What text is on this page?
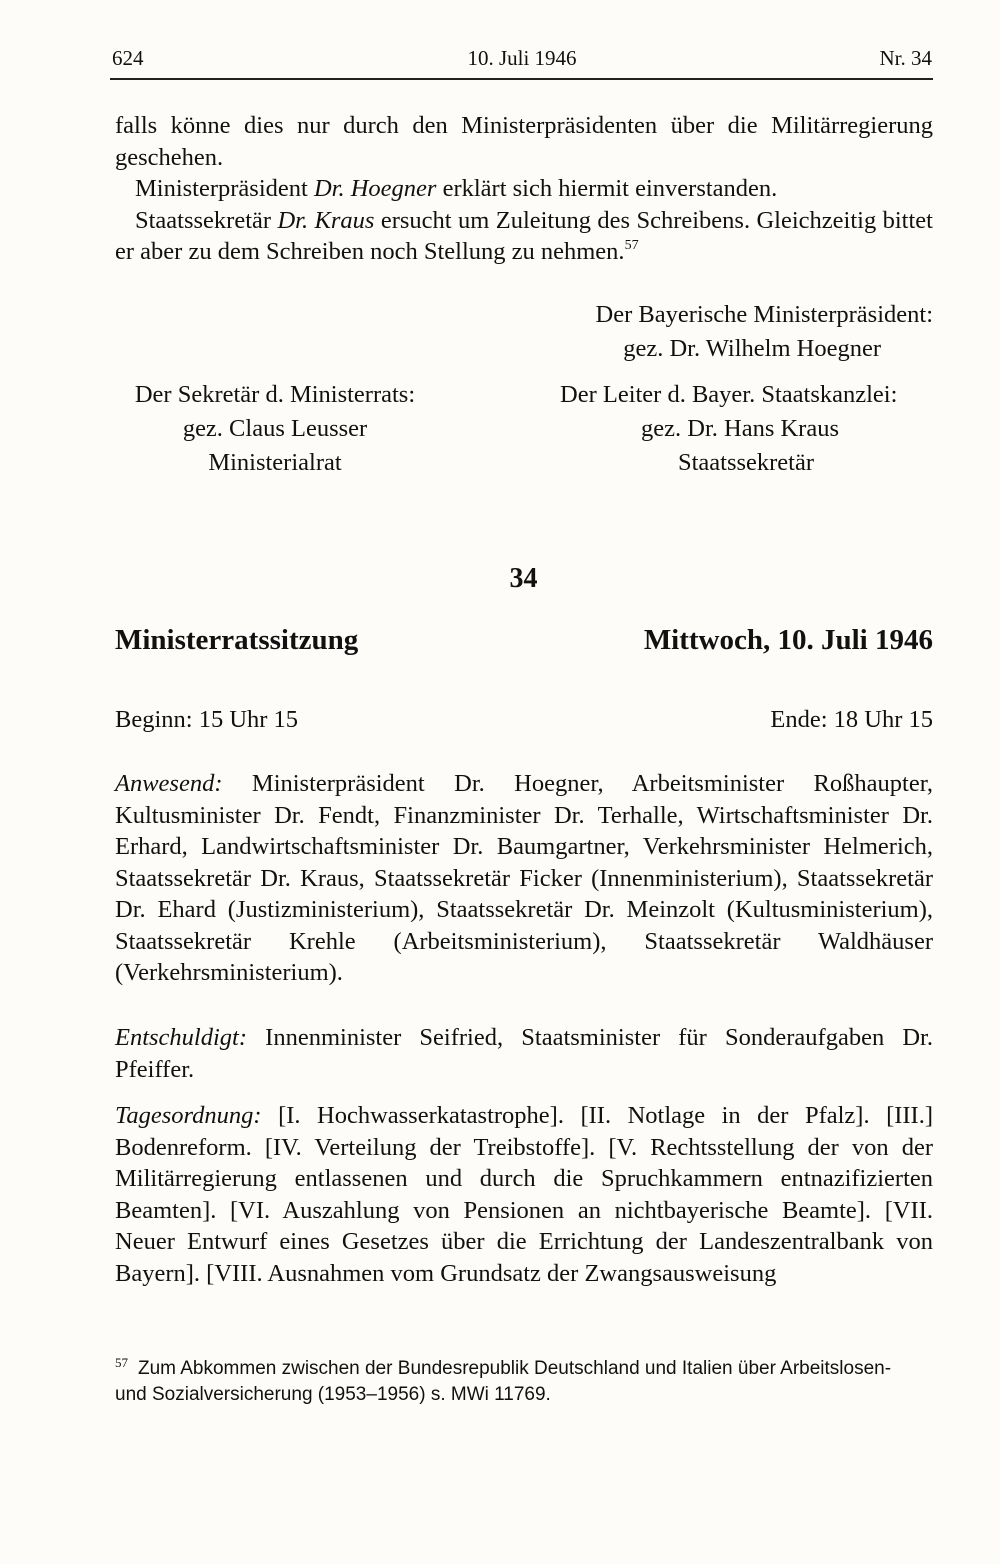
624	10. Juli 1946	Nr. 34
falls könne dies nur durch den Ministerpräsidenten über die Militärregierung geschehen.
Ministerpräsident Dr. Hoegner erklärt sich hiermit einverstanden.
Staatssekretär Dr. Kraus ersucht um Zuleitung des Schreibens. Gleichzeitig bittet er aber zu dem Schreiben noch Stellung zu nehmen.$^{57}$
Der Bayerische Ministerpräsident:
gez. Dr. Wilhelm Hoegner
Der Sekretär d. Ministerrats:
gez. Claus Leusser
Ministerialrat
Der Leiter d. Bayer. Staatskanzlei:
gez. Dr. Hans Kraus
Staatssekretär
34
Ministerratssitzung	Mittwoch, 10. Juli 1946
Beginn: 15 Uhr 15	Ende: 18 Uhr 15
Anwesend: Ministerpräsident Dr. Hoegner, Arbeitsminister Roßhaupter, Kultusminister Dr. Fendt, Finanzminister Dr. Terhalle, Wirtschaftsminister Dr. Erhard, Landwirtschaftsminister Dr. Baumgartner, Verkehrsminister Helmerich, Staatssekretär Dr. Kraus, Staatssekretär Ficker (Innenministerium), Staatssekretär Dr. Ehard (Justizministerium), Staatssekretär Dr. Meinzolt (Kultusministerium), Staatssekretär Krehle (Arbeitsministerium), Staatssekretär Waldhäuser (Verkehrsministerium).
Entschuldigt: Innenminister Seifried, Staatsminister für Sonderaufgaben Dr. Pfeiffer.
Tagesordnung: [I. Hochwasserkatastrophe]. [II. Notlage in der Pfalz]. [III.] Bodenreform. [IV. Verteilung der Treibstoffe]. [V. Rechtsstellung der von der Militärregierung entlassenen und durch die Spruchkammern entnazifizierten Beamten]. [VI. Auszahlung von Pensionen an nichtbayerische Beamte]. [VII. Neuer Entwurf eines Gesetzes über die Errichtung der Landeszentralbank von Bayern]. [VIII. Ausnahmen vom Grundsatz der Zwangsausweisung
$^{57}$ Zum Abkommen zwischen der Bundesrepublik Deutschland und Italien über Arbeitslosen-
und Sozialversicherung (1953–1956) s. MWi 11769.
